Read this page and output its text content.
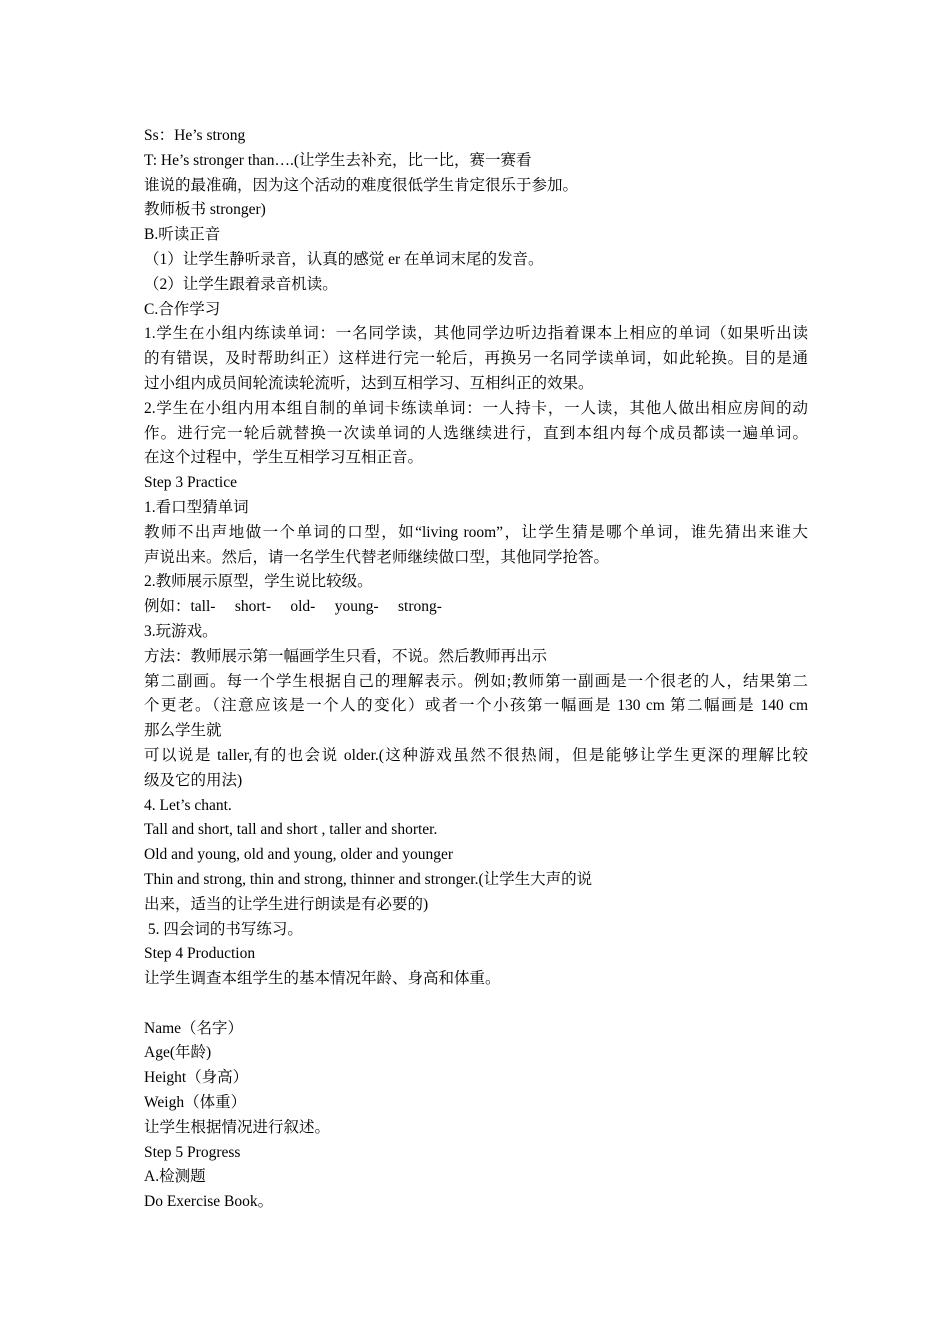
Ss：He’s strong
T: He’s stronger than….(让学生去补充，比一比，赛一赛看
谁说的最准确，因为这个活动的难度很低学生肯定很乐于参加。
教师板书 stronger)
B.听读正音
（1）让学生静听录音，认真的感觉 er 在单词末尾的发音。
（2）让学生跟着录音机读。
C.合作学习
1.学生在小组内练读单词：一名同学读，其他同学边听边指着课本上相应的单词（如果听出读
的有错误，及时帮助纠正）这样进行完一轮后，再换另一名同学读单词，如此轮换。目的是通
过小组内成员间轮流读轮流听，达到互相学习、互相纠正的效果。
2.学生在小组内用本组自制的单词卡练读单词：一人持卡，一人读，其他人做出相应房间的动
作。进行完一轮后就替换一次读单词的人选继续进行，直到本组内每个成员都读一遍单词。
在这个过程中，学生互相学习互相正音。
Step 3 Practice
1.看口型猜单词
教师不出声地做一个单词的口型，如“living room”，让学生猜是哪个单词，谁先猜出来谁大
声说出来。然后，请一名学生代替老师继续做口型，其他同学抢答。
2.教师展示原型，学生说比较级。
例如：tall-     short-     old-     young-     strong-
3.玩游戏。
方法：教师展示第一幅画学生只看，不说。然后教师再出示
第二副画。每一个学生根据自己的理解表示。例如;教师第一副画是一个很老的人，结果第二
个更老。（注意应该是一个人的变化）或者一个小孩第一幅画是 130 cm 第二幅画是 140 cm
那么学生就
可以说是 taller,有的也会说 older.(这种游戏虽然不很热闹，但是能够让学生更深的理解比较
级及它的用法)
4. Let’s chant.
Tall and short, tall and short , taller and shorter.
Old and young, old and young, older and younger
Thin and strong, thin and strong, thinner and stronger.(让学生大声的说
出来，适当的让学生进行朗读是有必要的)
5. 四会词的书写练习。
Step 4 Production
让学生调查本组学生的基本情况年龄、身高和体重。
Name（名字）
Age(年龄)
Height（身高）
Weigh（体重）
让学生根据情况进行叙述。
Step 5 Progress
A.检测题
Do Exercise Book。
